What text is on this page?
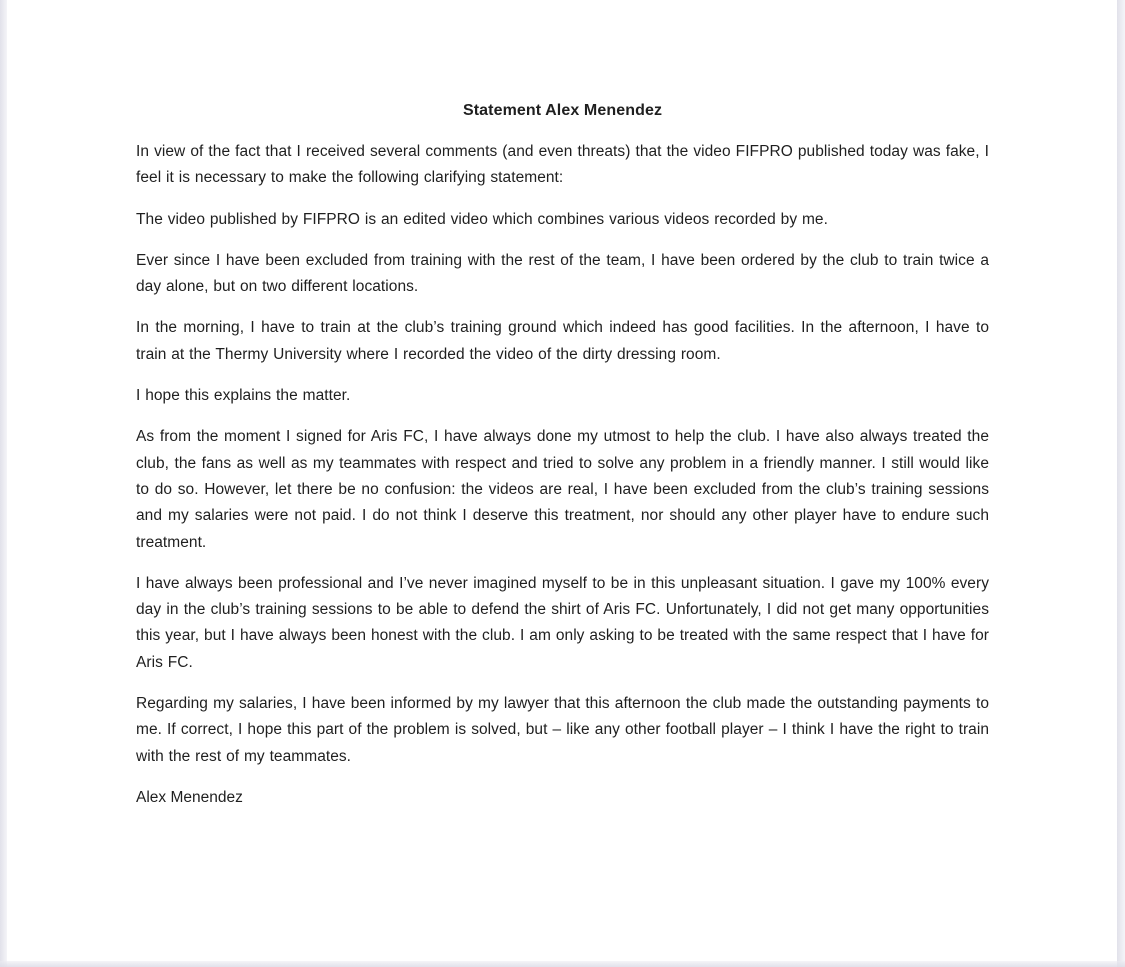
Statement Alex Menendez

In view of the fact that I received several comments (and even threats) that the video FIFPRO published today was fake, I feel it is necessary to make the following clarifying statement:

The video published by FIFPRO is an edited video which combines various videos recorded by me.

Ever since I have been excluded from training with the rest of the team, I have been ordered by the club to train twice a day alone, but on two different locations.

In the morning, I have to train at the club’s training ground which indeed has good facilities. In the afternoon, I have to train at the Thermy University where I recorded the video of the dirty dressing room.

I hope this explains the matter.

As from the moment I signed for Aris FC, I have always done my utmost to help the club. I have also always treated the club, the fans as well as my teammates with respect and tried to solve any problem in a friendly manner. I still would like to do so. However, let there be no confusion: the videos are real, I have been excluded from the club’s training sessions and my salaries were not paid. I do not think I deserve this treatment, nor should any other player have to endure such treatment.

I have always been professional and I’ve never imagined myself to be in this unpleasant situation. I gave my 100% every day in the club’s training sessions to be able to defend the shirt of Aris FC. Unfortunately, I did not get many opportunities this year, but I have always been honest with the club. I am only asking to be treated with the same respect that I have for Aris FC.

Regarding my salaries, I have been informed by my lawyer that this afternoon the club made the outstanding payments to me. If correct, I hope this part of the problem is solved, but – like any other football player – I think I have the right to train with the rest of my teammates.

Alex Menendez
